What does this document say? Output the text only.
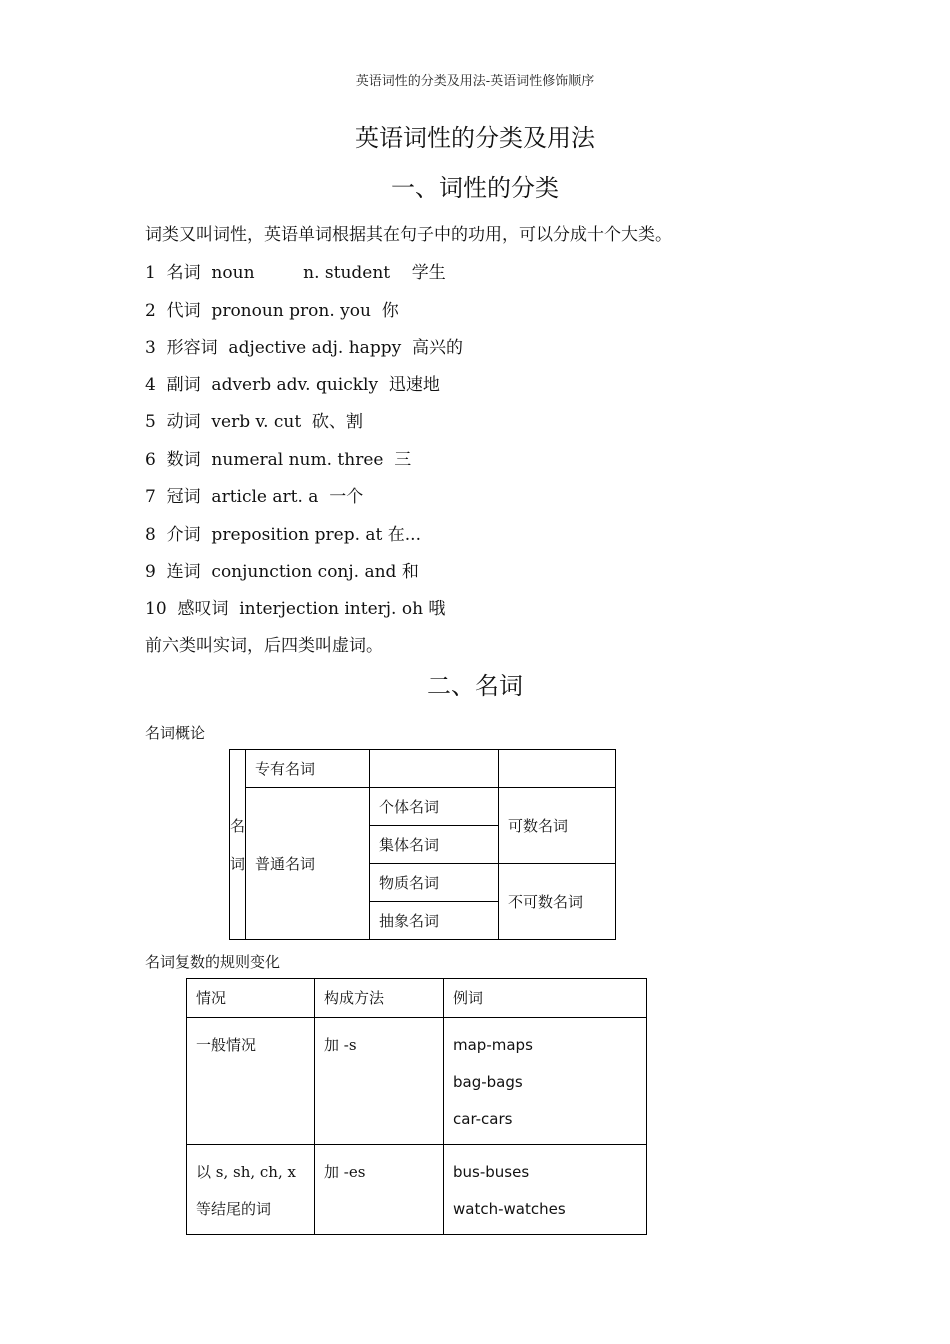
英语词性的分类及用法-英语词性修饰顺序
英语词性的分类及用法
一、词性的分类
词类又叫词性，英语单词根据其在句子中的功用，可以分成十个大类。
1  名词  noun         n. student    学生
2  代词  pronoun pron. you  你
3  形容词  adjective adj. happy  高兴的
4  副词  adverb adv. quickly  迅速地
5  动词  verb v. cut  砍、割
6  数词  numeral num. three  三
7  冠词  article art. a  一个
8  介词  preposition prep. at 在...
9  连词  conjunction conj. and 和
10  感叹词  interjection interj. oh 哦
前六类叫实词，后四类叫虚词。
二、名词
名词概论
名
词	专有名词		
	普通名词	个体名词	可数名词
		集体名词	
		物质名词	不可数名词
		抽象名词	
名词复数的规则变化
情况	构成方法	例词

一般情况	加 -s	map-maps
bag-bags
car-cars

以 s, sh, ch, x
等结尾的词	加 -es	bus-buses
watch-watches
